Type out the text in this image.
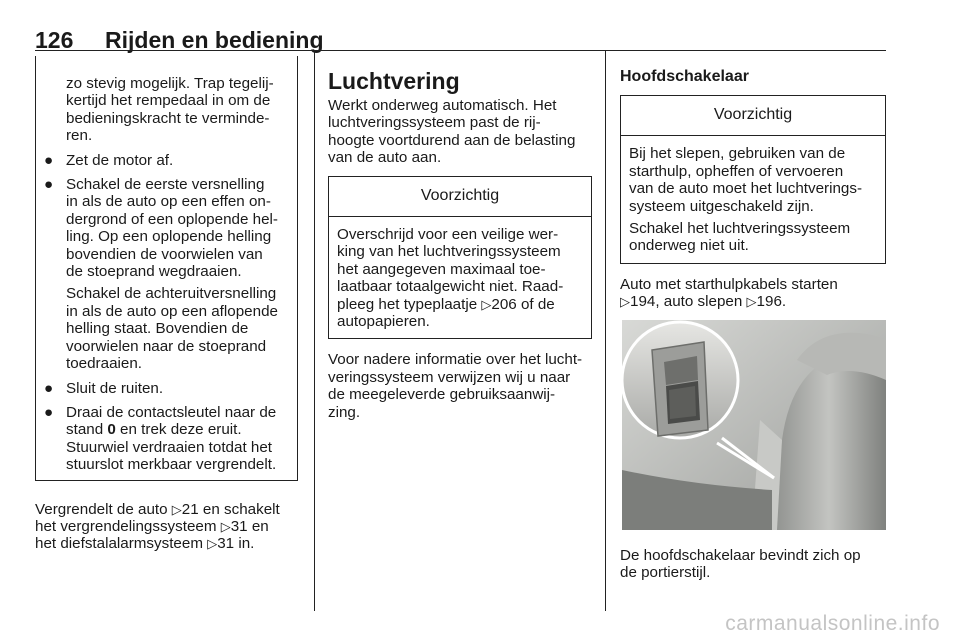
126 Rijden en bediening

zo stevig mogelijk. Trap tegelij-
kertijd het rempedaal in om de
bedieningskracht te verminde-
ren.

● Zet de motor af.
● Schakel de eerste versnelling
in als de auto op een effen on-
dergrond of een oplopende hel-
ling. Op een oplopende helling
bovendien de voorwielen van
de stoeprand wegdraaien.

Schakel de achteruitversnelling
in als de auto op een aflopende
helling staat. Bovendien de
voorwielen naar de stoeprand
toedraaien.

● Sluit de ruiten.
● Draai de contactsleutel naar de
stand 0 en trek deze eruit.
Stuurwiel verdraaien totdat het
stuurslot merkbaar vergrendelt.

Vergrendelt de auto ▷21 en schakelt
het vergrendelingssysteem ▷31 en
het diefstalalarmsysteem ▷31 in.

Luchtvering

Werkt onderweg automatisch. Het
luchtveringssysteem past de rij-
hoogte voortdurend aan de belasting
van de auto aan.

Voorzichtig
Overschrijd voor een veilige wer-
king van het luchtveringssysteem
het aangegeven maximaal toe-
laatbaar totaalgewicht niet. Raad-
pleeg het typeplaatje ▷206 of de
autopapieren.

Voor nadere informatie over het lucht-
veringssysteem verwijzen wij u naar
de meegeleverde gebruiksaanwij-
zing.

Hoofdschakelaar
Voorzichtig

Bij het slepen, gebruiken van de
starthulp, opheffen of vervoeren
van de auto moet het luchtverings-
systeem uitgeschakeld zijn.

Schakel het luchtveringssysteem
onderweg niet uit.

Auto met starthulpkabels starten
▷194, auto slepen ▷196.

De hoofdschakelaar bevindt zich op
de portierstijl.
carmanualsonline.info
